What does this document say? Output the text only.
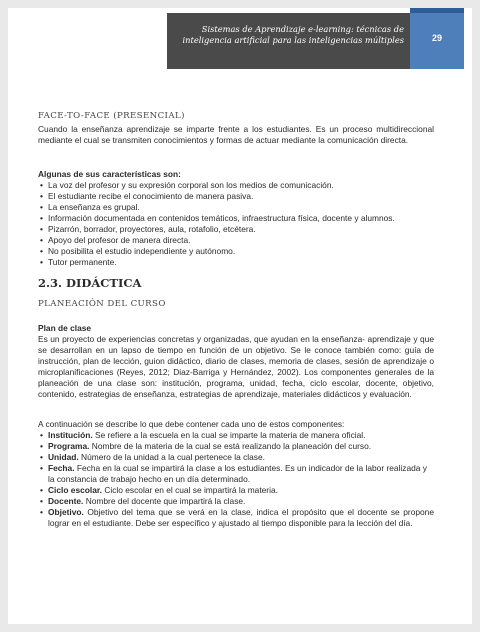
Sistemas de Aprendizaje e-learning: técnicas de
inteligencia artificial para las inteligencias múltiples	29
FACE-TO-FACE (PRESENCIAL)
Cuando la enseñanza aprendizaje se imparte frente a los estudiantes. Es un proceso multidireccional mediante el cual se transmiten conocimientos y formas de actuar mediante la comunicación directa.
Algunas de sus características son:
• La voz del profesor y su expresión corporal son los medios de comunicación.
• El estudiante recibe el conocimiento de manera pasiva.
• La enseñanza es grupal.
• Información documentada en contenidos temáticos, infraestructura física, docente y alumnos.
• Pizarrón, borrador, proyectores, aula, rotafolio, etcétera.
• Apoyo del profesor de manera directa.
• No posibilita el estudio independiente y autónomo.
• Tutor permanente.
2.3. DIDÁCTICA
PLANEACIÓN DEL CURSO
Plan de clase
Es un proyecto de experiencias concretas y organizadas, que ayudan en la enseñanza- aprendizaje y que se desarrollan en un lapso de tiempo en función de un objetivo. Se le conoce también como: guía de instrucción, plan de lección, guion didáctico, diario de clases, memoria de clases, sesión de aprendizaje o microplanificaciones (Reyes, 2012; Diaz-Barriga y Hernández, 2002). Los componentes generales de la planeación de una clase son: institución, programa, unidad, fecha, ciclo escolar, docente, objetivo, contenido, estrategias de enseñanza, estrategias de aprendizaje, materiales didácticos y evaluación.
A continuación se describe lo que debe contener cada uno de estos componentes:
• Institución. Se refiere a la escuela en la cual se imparte la materia de manera oficial.
• Programa. Nombre de la materia de la cual se está realizando la planeación del curso.
• Unidad. Número de la unidad a la cual pertenece la clase.
• Fecha. Fecha en la cual se impartirá la clase a los estudiantes. Es un indicador de la labor realizada y la constancia de trabajo hecho en un día determinado.
• Ciclo escolar. Ciclo escolar en el cual se impartirá la materia.
• Docente. Nombre del docente que impartirá la clase.
• Objetivo. Objetivo del tema que se verá en la clase, indica el propósito que el docente se propone lograr en el estudiante. Debe ser específico y ajustado al tiempo disponible para la lección del día.
